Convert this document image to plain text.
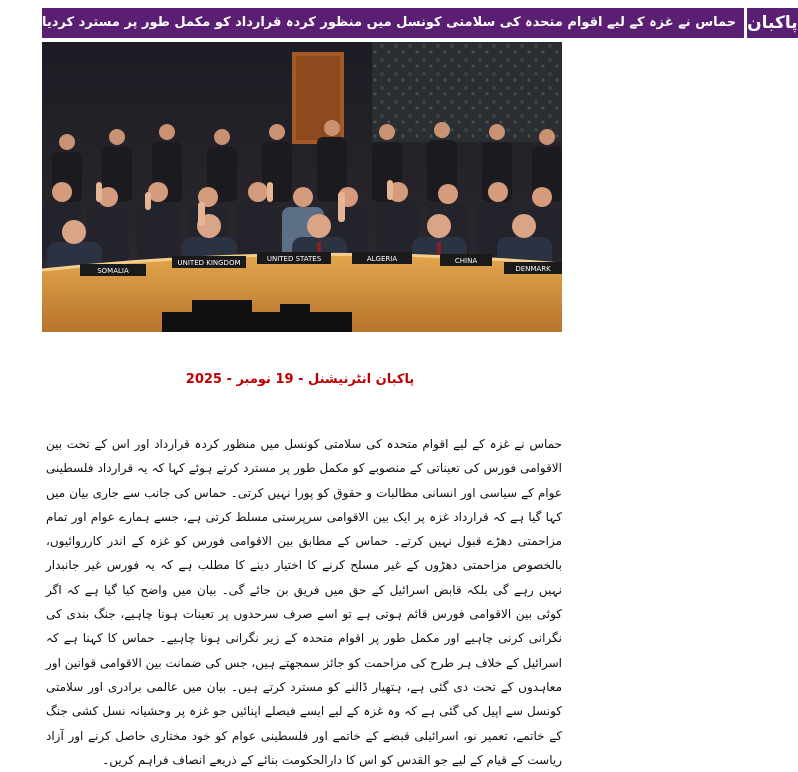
حماس نے غزہ کے لیے اقوام متحدہ کی سلامتی کونسل میں منظور کردہ قرارداد کو مکمل طور پر مسترد کردیا پاکبان
SOMALIA
UNITED KINGDOM	UNITED STATES	ALGERIA	CHINA
DENMARK
پاکبان انٹرنیشنل - 19 نومبر - 2025

حماس نے غزہ کے لیے اقوام متحدہ کی سلامتی کونسل میں منظور کردہ قرارداد اور اس کے تحت بین الاقوامی فورس کی تعیناتی کے منصوبے کو مکمل طور پر مسترد کرتے ہوئے کہا کہ یہ قرارداد فلسطینی عوام کے سیاسی اور انسانی مطالبات و حقوق کو پورا نہیں کرتی۔ حماس کی جانب سے جاری بیان میں کہا گیا ہے کہ قرارداد غزہ پر ایک بین الاقوامی سرپرستی مسلط کرتی ہے، جسے ہمارے عوام اور تمام مزاحمتی دھڑے قبول نہیں کرتے۔ حماس کے مطابق بین الاقوامی فورس کو غزہ کے اندر کارروائیوں، بالخصوص مزاحمتی دھڑوں کے غیر مسلح کرنے کا اختیار دینے کا مطلب ہے کہ یہ فورس غیر جانبدار نہیں رہے گی بلکہ قابض اسرائیل کے حق میں فریق بن جائے گی۔ بیان میں واضح کیا گیا ہے کہ اگر کوئی بین الاقوامی فورس قائم ہوتی ہے تو اسے صرف سرحدوں پر تعینات ہونا چاہیے، جنگ بندی کی نگرانی کرنی چاہیے اور مکمل طور پر اقوام متحدہ کے زیر نگرانی ہونا چاہیے۔ حماس کا کہنا ہے کہ اسرائیل کے خلاف ہر طرح کی مزاحمت کو جائز سمجھتے ہیں، جس کی ضمانت بین الاقوامی قوانین اور معاہدوں کے تحت دی گئی ہے، ہتھیار ڈالنے کو مسترد کرتے ہیں۔ بیان میں عالمی برادری اور سلامتی کونسل سے اپیل کی گئی ہے کہ وہ غزہ کے لیے ایسے فیصلے اپنائیں جو غزہ پر وحشیانہ نسل کشی جنگ کے خاتمے، تعمیر نو، اسرائیلی قبضے کے خاتمے اور فلسطینی عوام کو خود مختاری حاصل کرنے اور آزاد ریاست کے قیام کے لیے جو القدس کو اس کا دارالحکومت بنائے کے ذریعے انصاف فراہم کریں۔
